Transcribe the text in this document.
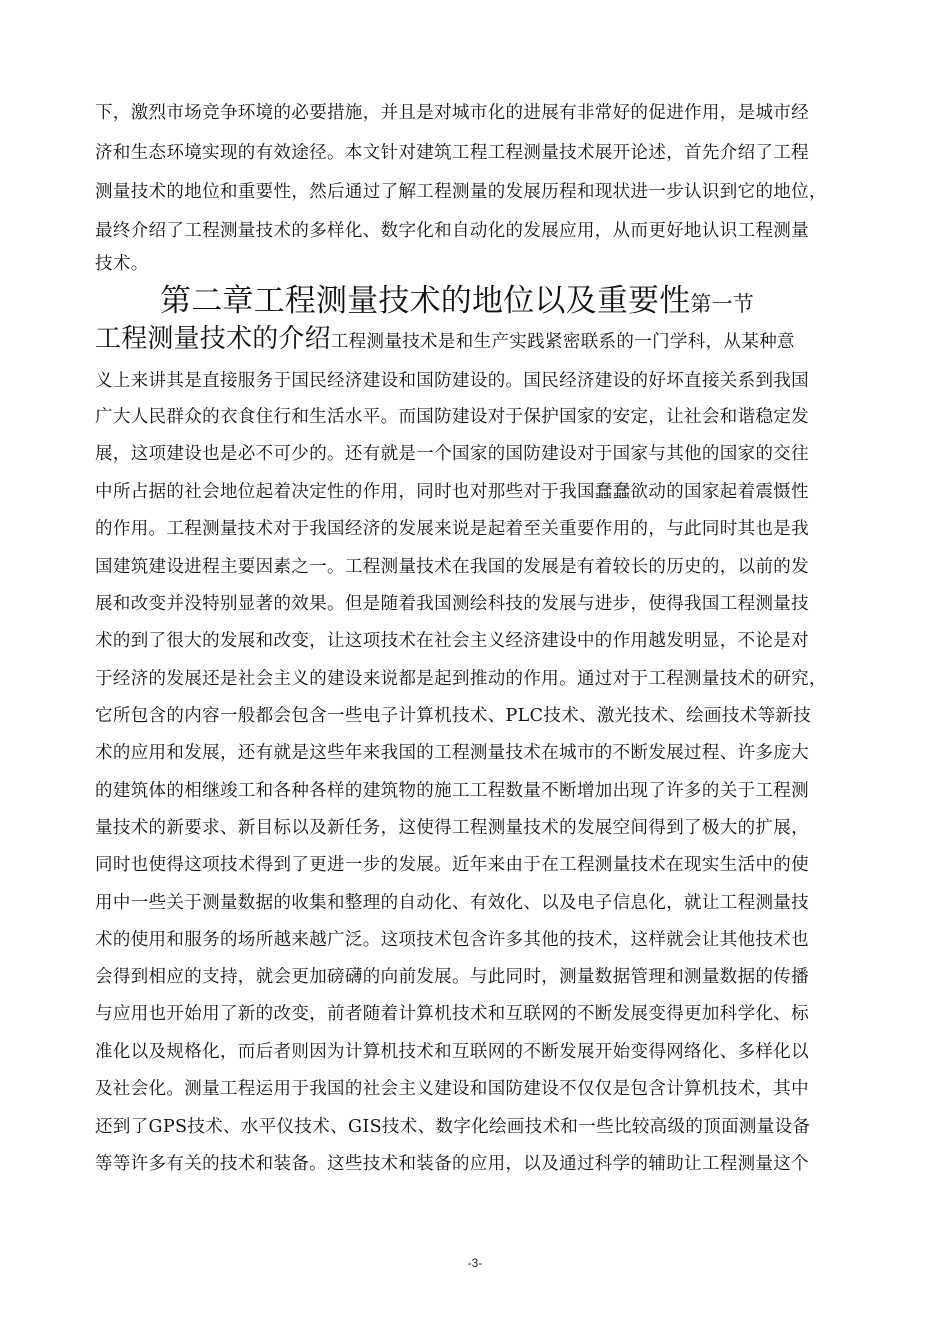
下，激烈市场竞争环境的必要措施，并且是对城市化的进展有非常好的促进作用，是城市经
济和生态环境实现的有效途径。本文针对建筑工程工程测量技术展开论述，首先介绍了工程
测量技术的地位和重要性，然后通过了解工程测量的发展历程和现状进一步认识到它的地位，
最终介绍了工程测量技术的多样化、数字化和自动化的发展应用，从而更好地认识工程测量
技术。
第二章工程测量技术的地位以及重要性第一节
工程测量技术的介绍工程测量技术是和生产实践紧密联系的一门学科，从某种意
义上来讲其是直接服务于国民经济建设和国防建设的。国民经济建设的好坏直接关系到我国
广大人民群众的衣食住行和生活水平。而国防建设对于保护国家的安定，让社会和谐稳定发
展，这项建设也是必不可少的。还有就是一个国家的国防建设对于国家与其他的国家的交往
中所占据的社会地位起着决定性的作用，同时也对那些对于我国蠢蠢欲动的国家起着震慑性
的作用。工程测量技术对于我国经济的发展来说是起着至关重要作用的，与此同时其也是我
国建筑建设进程主要因素之一。工程测量技术在我国的发展是有着较长的历史的，以前的发
展和改变并没特别显著的效果。但是随着我国测绘科技的发展与进步，使得我国工程测量技
术的到了很大的发展和改变，让这项技术在社会主义经济建设中的作用越发明显，不论是对
于经济的发展还是社会主义的建设来说都是起到推动的作用。通过对于工程测量技术的研究，
它所包含的内容一般都会包含一些电子计算机技术、PLC技术、激光技术、绘画技术等新技
术的应用和发展，还有就是这些年来我国的工程测量技术在城市的不断发展过程、许多庞大
的建筑体的相继竣工和各种各样的建筑物的施工工程数量不断增加出现了许多的关于工程测
量技术的新要求、新目标以及新任务，这使得工程测量技术的发展空间得到了极大的扩展，
同时也使得这项技术得到了更进一步的发展。近年来由于在工程测量技术在现实生活中的使
用中一些关于测量数据的收集和整理的自动化、有效化、以及电子信息化，就让工程测量技
术的使用和服务的场所越来越广泛。这项技术包含许多其他的技术，这样就会让其他技术也
会得到相应的支持，就会更加磅礴的向前发展。与此同时，测量数据管理和测量数据的传播
与应用也开始用了新的改变，前者随着计算机技术和互联网的不断发展变得更加科学化、标
准化以及规格化，而后者则因为计算机技术和互联网的不断发展开始变得网络化、多样化以
及社会化。测量工程运用于我国的社会主义建设和国防建设不仅仅是包含计算机技术，其中
还到了GPS技术、水平仪技术、GIS技术、数字化绘画技术和一些比较高级的顶面测量设备
等等许多有关的技术和装备。这些技术和装备的应用，以及通过科学的辅助让工程测量这个
-3-
